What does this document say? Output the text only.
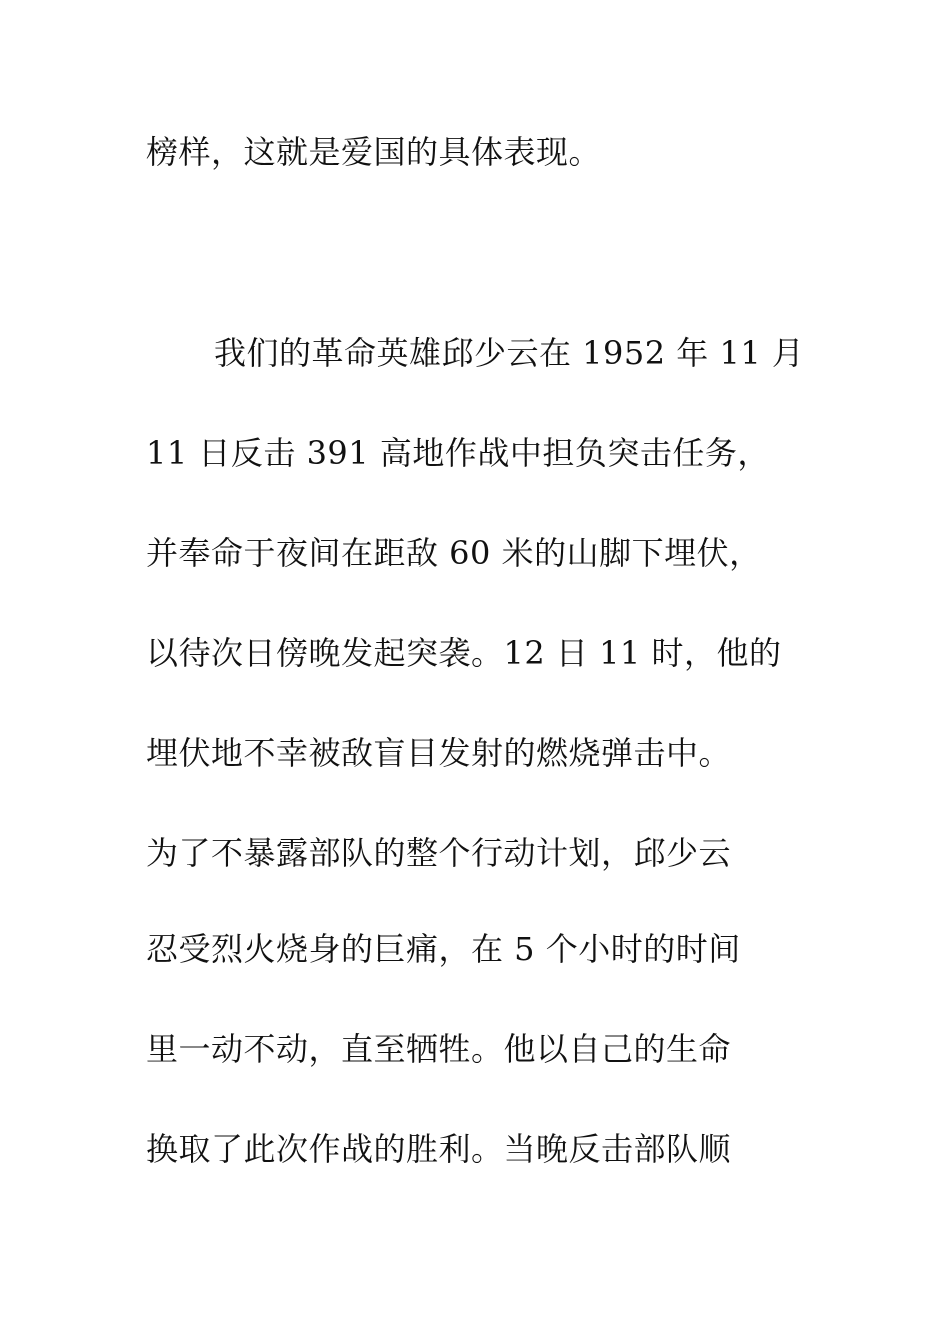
榜样，这就是爱国的具体表现。

我们的革命英雄邱少云在 1952 年 11 月

11 日反击 391 高地作战中担负突击任务，

并奉命于夜间在距敌 60 米的山脚下埋伏，

以待次日傍晚发起突袭。12 日 11 时，他的

埋伏地不幸被敌盲目发射的燃烧弹击中。

为了不暴露部队的整个行动计划，邱少云

忍受烈火烧身的巨痛，在 5 个小时的时间

里一动不动，直至牺牲。他以自己的生命

换取了此次作战的胜利。当晚反击部队顺
